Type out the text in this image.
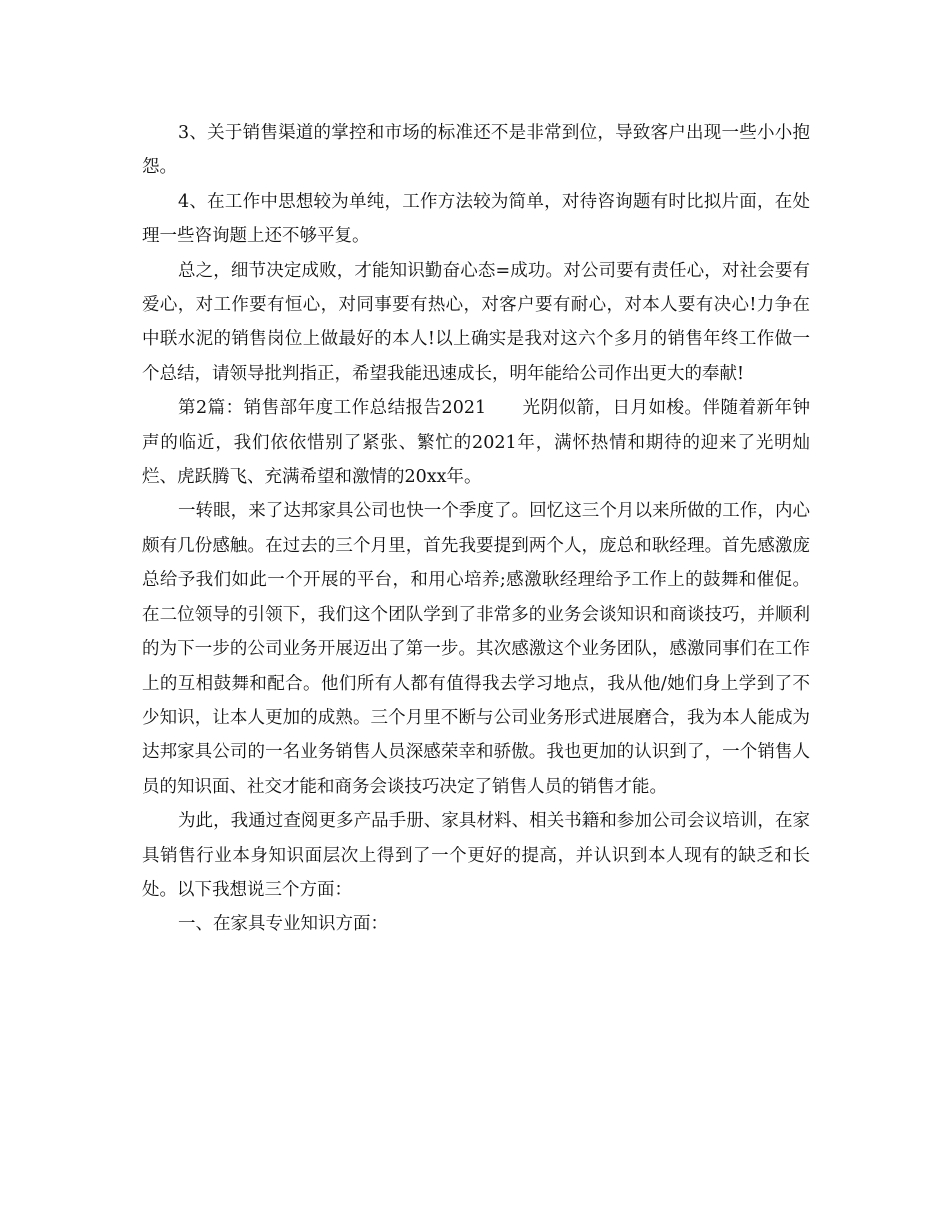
3、关于销售渠道的掌控和市场的标准还不是非常到位，导致客户出现一些小小抱怨。

4、在工作中思想较为单纯，工作方法较为简单，对待咨询题有时比拟片面，在处理一些咨询题上还不够平复。

总之，细节决定成败，才能知识勤奋心态=成功。对公司要有责任心，对社会要有爱心，对工作要有恒心，对同事要有热心，对客户要有耐心，对本人要有决心!力争在中联水泥的销售岗位上做最好的本人!以上确实是我对这六个多月的销售年终工作做一个总结，请领导批判指正，希望我能迅速成长，明年能给公司作出更大的奉献!

第2篇：销售部年度工作总结报告2021　　光阴似箭，日月如梭。伴随着新年钟声的临近，我们依依惜别了紧张、繁忙的2021年，满怀热情和期待的迎来了光明灿烂、虎跃腾飞、充满希望和激情的20xx年。

一转眼，来了达邦家具公司也快一个季度了。回忆这三个月以来所做的工作，内心颇有几份感触。在过去的三个月里，首先我要提到两个人，庞总和耿经理。首先感激庞总给予我们如此一个开展的平台，和用心培养;感激耿经理给予工作上的鼓舞和催促。在二位领导的引领下，我们这个团队学到了非常多的业务会谈知识和商谈技巧，并顺利的为下一步的公司业务开展迈出了第一步。其次感激这个业务团队，感激同事们在工作上的互相鼓舞和配合。他们所有人都有值得我去学习地点，我从他/她们身上学到了不少知识，让本人更加的成熟。三个月里不断与公司业务形式进展磨合，我为本人能成为达邦家具公司的一名业务销售人员深感荣幸和骄傲。我也更加的认识到了，一个销售人员的知识面、社交才能和商务会谈技巧决定了销售人员的销售才能。

为此，我通过查阅更多产品手册、家具材料、相关书籍和参加公司会议培训，在家具销售行业本身知识面层次上得到了一个更好的提高，并认识到本人现有的缺乏和长处。以下我想说三个方面：

一、在家具专业知识方面：
